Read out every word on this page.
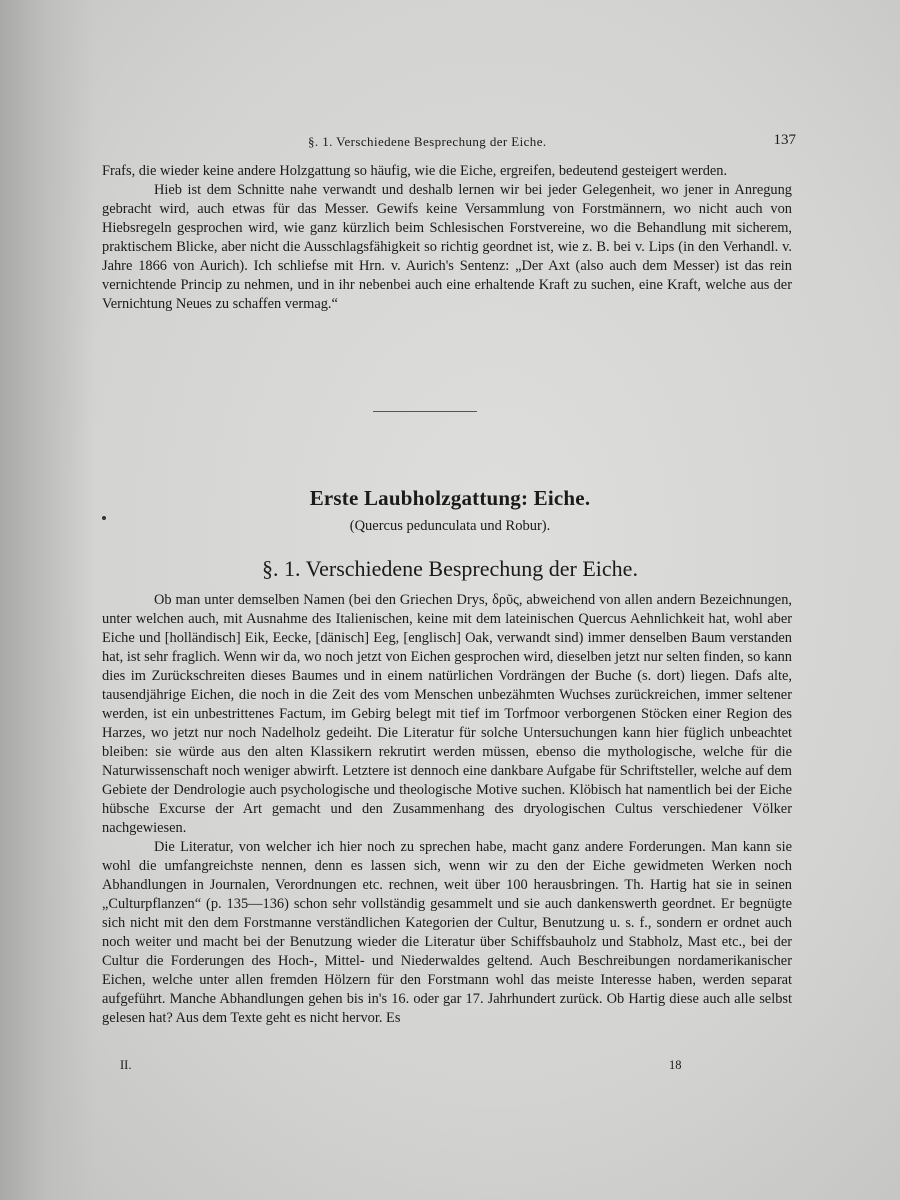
§. 1. Verschiedene Besprechung der Eiche.	137

Frafs, die wieder keine andere Holzgattung so häufig, wie die Eiche, ergreifen, bedeutend gesteigert werden.

Hieb ist dem Schnitte nahe verwandt und deshalb lernen wir bei jeder Gelegenheit, wo jener in Anregung gebracht wird, auch etwas für das Messer. Gewifs keine Versammlung von Forstmännern, wo nicht auch von Hiebsregeln gesprochen wird, wie ganz kürzlich beim Schlesischen Forstvereine, wo die Behandlung mit sicherem, praktischem Blicke, aber nicht die Ausschlagsfähigkeit so richtig geordnet ist, wie z. B. bei v. Lips (in den Verhandl. v. Jahre 1866 von Aurich). Ich schliefse mit Hrn. v. Aurich's Sentenz: „Der Axt (also auch dem Messer) ist das rein vernichtende Princip zu nehmen, und in ihr nebenbei auch eine erhaltende Kraft zu suchen, eine Kraft, welche aus der Vernichtung Neues zu schaffen vermag.“

Erste Laubholzgattung: Eiche.
(Quercus pedunculata und Robur).
§. 1. Verschiedene Besprechung der Eiche.

Ob man unter demselben Namen (bei den Griechen Drys, δρῦς, abweichend von allen andern Bezeichnungen, unter welchen auch, mit Ausnahme des Italienischen, keine mit dem lateinischen Quercus Aehnlichkeit hat, wohl aber Eiche und [holländisch] Eik, Eecke, [dänisch] Eeg, [englisch] Oak, verwandt sind) immer denselben Baum verstanden hat, ist sehr fraglich. Wenn wir da, wo noch jetzt von Eichen gesprochen wird, dieselben jetzt nur selten finden, so kann dies im Zurückschreiten dieses Baumes und in einem natürlichen Vordrängen der Buche (s. dort) liegen. Dafs alte, tausendjährige Eichen, die noch in die Zeit des vom Menschen unbezähmten Wuchses zurückreichen, immer seltener werden, ist ein unbestrittenes Factum, im Gebirg belegt mit tief im Torfmoor verborgenen Stöcken einer Region des Harzes, wo jetzt nur noch Nadelholz gedeiht. Die Literatur für solche Untersuchungen kann hier füglich unbeachtet bleiben: sie würde aus den alten Klassikern rekrutirt werden müssen, ebenso die mythologische, welche für die Naturwissenschaft noch weniger abwirft. Letztere ist dennoch eine dankbare Aufgabe für Schriftsteller, welche auf dem Gebiete der Dendrologie auch psychologische und theologische Motive suchen. Klöbisch hat namentlich bei der Eiche hübsche Excurse der Art gemacht und den Zusammenhang des dryologischen Cultus verschiedener Völker nachgewiesen.

Die Literatur, von welcher ich hier noch zu sprechen habe, macht ganz andere Forderungen. Man kann sie wohl die umfangreichste nennen, denn es lassen sich, wenn wir zu den der Eiche gewidmeten Werken noch Abhandlungen in Journalen, Verordnungen etc. rechnen, weit über 100 herausbringen. Th. Hartig hat sie in seinen „Culturpflanzen“ (p. 135—136) schon sehr vollständig gesammelt und sie auch dankenswerth geordnet. Er begnügte sich nicht mit den dem Forstmanne verständlichen Kategorien der Cultur, Benutzung u. s. f., sondern er ordnet auch noch weiter und macht bei der Benutzung wieder die Literatur über Schiffsbauholz und Stabholz, Mast etc., bei der Cultur die Forderungen des Hoch-, Mittel- und Niederwaldes geltend. Auch Beschreibungen nordamerikanischer Eichen, welche unter allen fremden Hölzern für den Forstmann wohl das meiste Interesse haben, werden separat aufgeführt. Manche Abhandlungen gehen bis in's 16. oder gar 17. Jahrhundert zurück. Ob Hartig diese auch alle selbst gelesen hat? Aus dem Texte geht es nicht hervor. Es

II.	18
